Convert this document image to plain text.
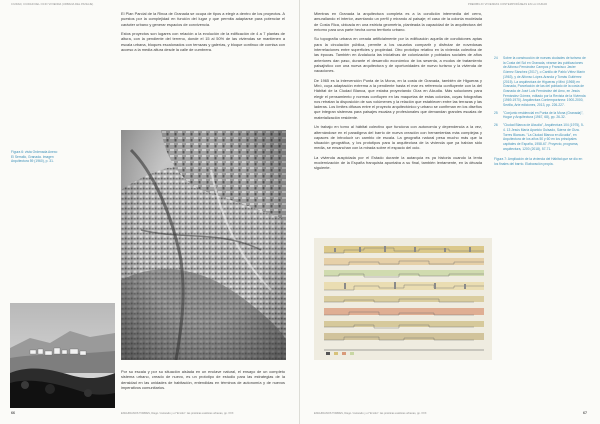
CIUDAD, CIUDAD DEL OCIO VIVIENDA (URBANA DEL PAISAJE)

El Plan Parcial de la Rinca de Granada se ocupa de tipos a elegir a dentro de los proyectos. A puestos por la complejidad en función del lugar y que permita adaptarse para potenciar el carácter urbano y generar espacios de convivencia.

Estos proyectos son lugares con relación a la evolución de la edificación de 4 a 7 plantas de altura, con la pendiente del terreno, donde el 15 al 50% de las viviendas se mantienen a escala urbana, bloques escalonados con terrazas y galerías, y bloque continuo de cornisa con acceso a la media altura desde la calle de cumbrera.

Figura 6: vista Ordenada Anexo El Serrallo, Granada. Imagen Arquitectura 59 (1960), p. 31.

Por su escala y por su situación aislada en un enclave natural, el ensayo de un completo sistema urbano, creado de nuevo, es un prototipo de estudio para las estrategias de la densidad en las unidades de habitación, entendidas en términos de autonomía y de nuevos imperativos comunitarios.

66	ENGUIDANOS TORRES, Diego / Autorado y el "El sitio": las prácticas estéticas urbanas, pp. XXX
PREDIBUJO VIVIENDAS CONTEMPORÁNEAS EN LA CIUDAD

Mientras en Granada la arquitectura completa es a la condición intermedia del cerro, amurallando el interior, asentando un perfil y mirando al paisaje; el caso de la colonia modelada de Costa Rica, ubicada en una estricta geometría, planteada la capacidad de la arquitectura del entorno para una parte hecha como territorio urbano.

Su topografía urbana en creada artificialmente por la edificación aquella de condiciones aptas para la circulación pública, permite a los usuarios compartir y disfrutar de novedosas interrelaciones entre superficies y propiedad. Otro prototipo relativo en la vivienda colectiva de las épocas. También en Andalucía las iniciativas de colonización y poblados sociales de años anteriores dan paso, durante el desarrollo económico de los sesenta, a modos de tratamiento paisajístico con una nueva arquitectura y de oportunidades de nuevo turismo y la vivienda de vacaciones.

De 1965 es la intervención Punta de la Mona, en la costa de Granada, también de Higueras y Miró, cuya adaptación extrema a la pendiente hasta el mar es referencia confluyente con la del Hábitat de la Ciudad Blanca, que estaba proyectando Oíza en Alcudia. Más soluciones para elegir el pensamiento y normas confluyen en las maquetas de estas colonias, cuyas fotografías nos retratan la disposición de sus volúmenes y la relación que establecen entre las terrazas y las laderas. Los límites difusos entre el proyecto arquitectónico y urbano se confirman en los diseños que integran sistemas para paisajes escalas y profesionales que demandan grandes escalas de materialización residente.

Un trabajo en torno al hábitat colectivo que funciona con autonomía y dependencia a la vez, alternándose en el paradigma del barrio de nueva creación con herramientas más complejas y capaces de introducir un cambio de escala. La geografía natural pesa mucho más que la situación geográfica, y los prototipos para la arquitectura de la vivienda que ya habían sido media, se ensanchan con la mirada sobre el espacio del ocio.

La vivienda auspiciada por el Estado durante la autarquía es ya historia cuando la lenta modernización de la España franquista apuntaba a su final, también lentamente, en la década siguiente.

24 Sobre la construcción de nuevas ciudades de turismo de la Costa del Sol en Granada, véanse las publicaciones de Alfonso Fernández Campos y Francisco Javier Gómez Sánchez (2017), o Cantilo de Pablo Vélez Marín (1963), y de Alfonso López-Aranda y Tomás Gutiérrez (2015). La arquitectura de Higueras y Miró (1965) en Granada, Parcelación de las del poblado de la costa de Granada de José Luis Fernández del Amo, en Jesús Fernández Gómez, editado por la Revista de la Vivienda (1969-1970). Arquitectura Contemporánea: 1900-2000, Sevilla, Arte ediciones, 2013, pp. 226-227.

25 "Conjunto residencial en Punta de la Mona (Granada)", Hogar y Arquitectura (1967, 68), pp. 26-32.

26 "Ciudad Blanca de Alcudia", Arquitectura 104 (1975), 5-4. 13 Jesús María Aparicio Guisado, Sáenz de Oíza. Torres Blancas. "La Ciudad Blanca en Alcudia", en Arquitectura de los años 50 y 60 en los principales capitales de España, 1958-67. Proyecto, programa, arquitectura, 1200 (2018), 57-71.

Figura 7: Ampliación de la vivienda del Hábitat que se dio en los finales del barrio. Elaboración propia.

ENGUIDANOS TORRES, Diego / Autorado y el "El sitio": las prácticas estéticas urbanas, pp. XXX	67
